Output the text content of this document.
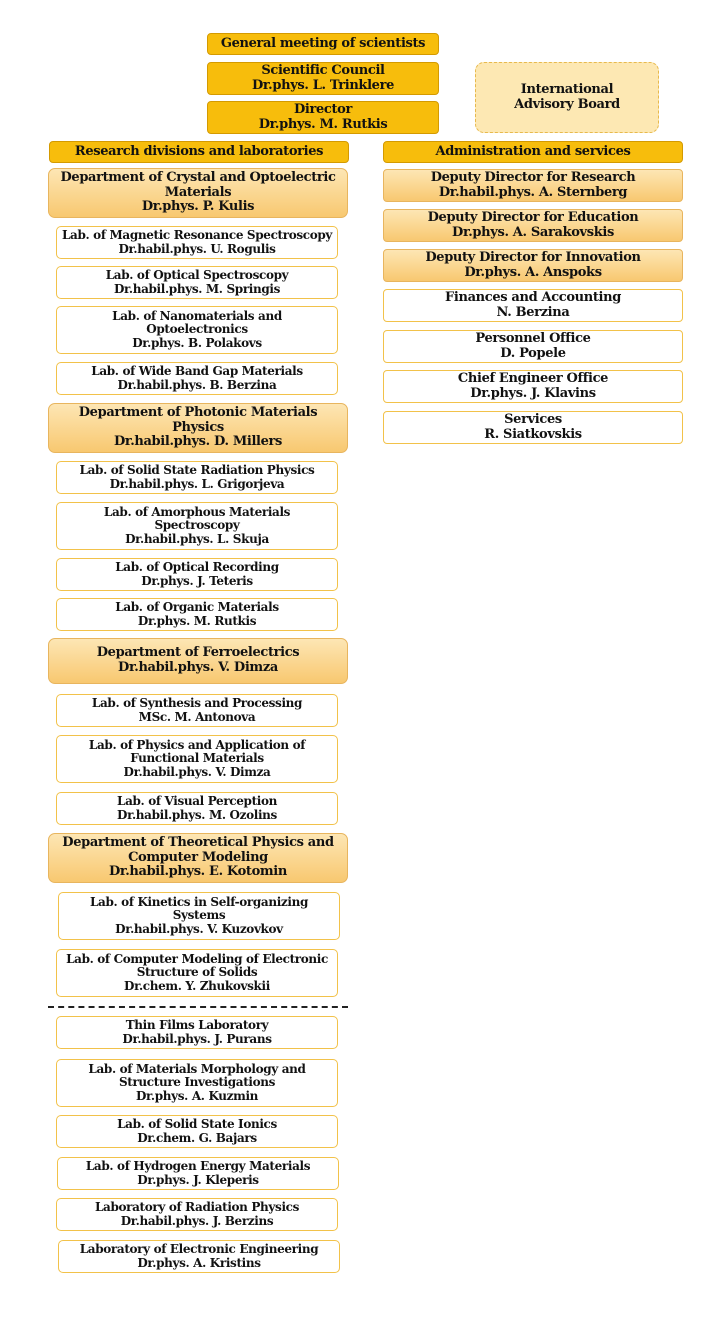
General meeting of scientists
Scientific Council
Dr.phys. L. Trinklere
Director
Dr.phys. M. Rutkis
International
Advisory Board
Research divisions and laboratories	Administration and services
Department of Crystal and Optoelectric
Materials
Dr.phys. P. Kulis
Lab. of Magnetic Resonance Spectroscopy
Dr.habil.phys. U. Rogulis
Lab. of Optical Spectroscopy
Dr.habil.phys. M. Springis
Lab. of Nanomaterials and
Optoelectronics
Dr.phys. B. Polakovs
Lab. of Wide Band Gap Materials
Dr.habil.phys. B. Berzina
Department of Photonic Materials
Physics
Dr.habil.phys. D. Millers
Lab. of Solid State Radiation Physics
Dr.habil.phys. L. Grigorjeva
Lab. of Amorphous Materials
Spectroscopy
Dr.habil.phys. L. Skuja
Lab. of Optical Recording
Dr.phys. J. Teteris
Lab. of Organic Materials
Dr.phys. M. Rutkis
Department of Ferroelectrics
Dr.habil.phys. V. Dimza
Lab. of Synthesis and Processing
MSc. M. Antonova
Lab. of Physics and Application of
Functional Materials
Dr.habil.phys. V. Dimza
Lab. of Visual Perception
Dr.habil.phys. M. Ozolins
Department of Theoretical Physics and
Computer Modeling
Dr.habil.phys. E. Kotomin
Lab. of Kinetics in Self-organizing
Systems
Dr.habil.phys. V. Kuzovkov
Lab. of Computer Modeling of Electronic
Structure of Solids
Dr.chem. Y. Zhukovskii
Thin Films Laboratory
Dr.habil.phys. J. Purans
Lab. of Materials Morphology and
Structure Investigations
Dr.phys. A. Kuzmin
Lab. of Solid State Ionics
Dr.chem. G. Bajars
Lab. of Hydrogen Energy Materials
Dr.phys. J. Kleperis
Laboratory of Radiation Physics
Dr.habil.phys. J. Berzins
Laboratory of Electronic Engineering
Dr.phys. A. Kristins
Deputy Director for Research
Dr.habil.phys. A. Sternberg
Deputy Director for Education
Dr.phys. A. Sarakovskis
Deputy Director for Innovation
Dr.phys. A. Anspoks
Finances and Accounting
N. Berzina
Personnel Office
D. Popele
Chief Engineer Office
Dr.phys. J. Klavins
Services
R. Siatkovskis
